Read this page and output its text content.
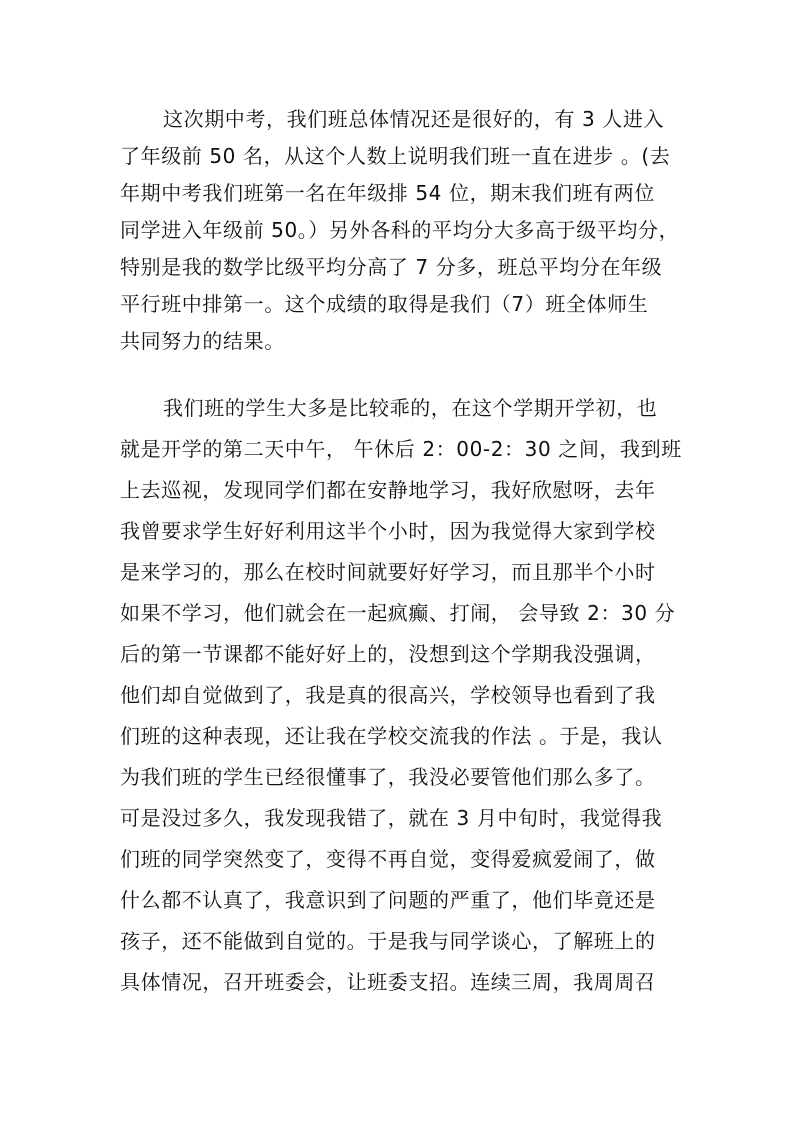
这次期中考，我们班总体情况还是很好的，有 3 人进入
了年级前 50 名，从这个人数上说明我们班一直在进步 。(去
年期中考我们班第一名在年级排 54 位，期末我们班有两位
同学进入年级前 50。）另外各科的平均分大多高于级平均分，
特别是我的数学比级平均分高了 7 分多，班总平均分在年级
平行班中排第一。这个成绩的取得是我们（7）班全体师生
共同努力的结果。
我们班的学生大多是比较乖的，在这个学期开学初，也
就是开学的第二天中午， 午休后 2：00-2：30 之间，我到班
上去巡视，发现同学们都在安静地学习，我好欣慰呀，去年
我曾要求学生好好利用这半个小时，因为我觉得大家到学校
是来学习的，那么在校时间就要好好学习，而且那半个小时
如果不学习，他们就会在一起疯癫、打闹， 会导致 2：30 分
后的第一节课都不能好好上的，没想到这个学期我没强调，
他们却自觉做到了，我是真的很高兴，学校领导也看到了我
们班的这种表现，还让我在学校交流我的作法 。于是，我认
为我们班的学生已经很懂事了，我没必要管他们那么多了。
可是没过多久，我发现我错了，就在 3 月中旬时，我觉得我
们班的同学突然变了，变得不再自觉，变得爱疯爱闹了，做
什么都不认真了，我意识到了问题的严重了，他们毕竟还是
孩子，还不能做到自觉的。于是我与同学谈心，了解班上的
具体情况，召开班委会，让班委支招。连续三周，我周周召
